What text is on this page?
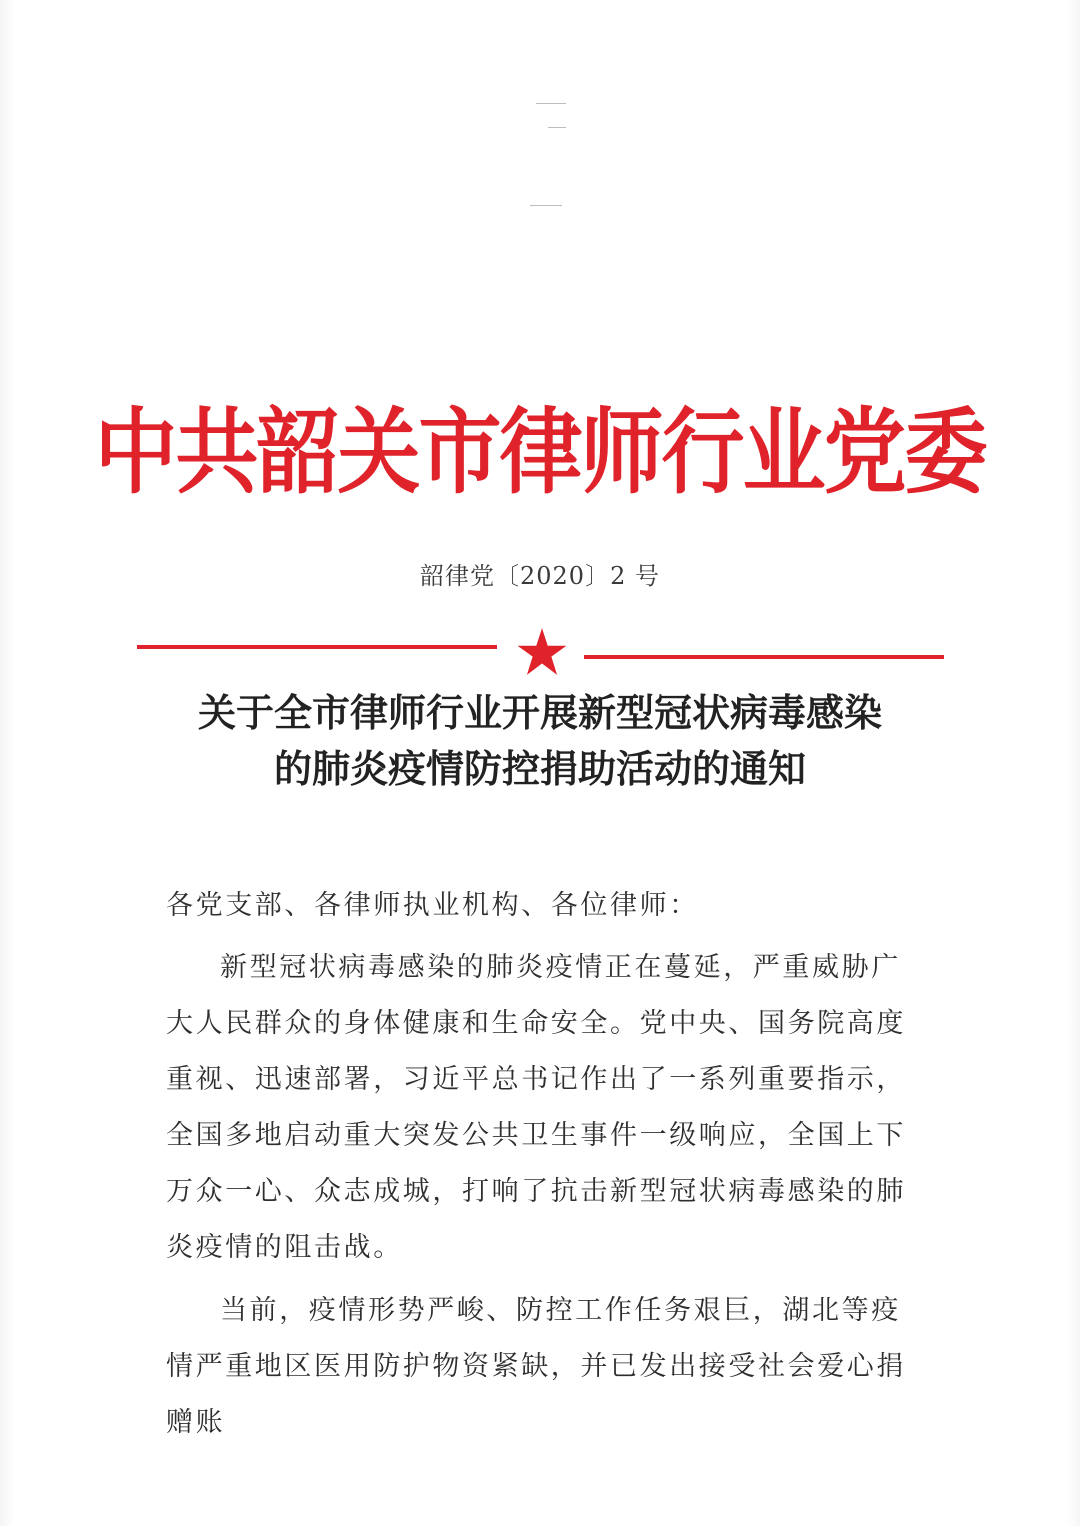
中共韶关市律师行业党委
韶律党〔2020〕2 号
关于全市律师行业开展新型冠状病毒感染
的肺炎疫情防控捐助活动的通知
各党支部、各律师执业机构、各位律师：

新型冠状病毒感染的肺炎疫情正在蔓延，严重威胁广大人民群众的身体健康和生命安全。党中央、国务院高度重视、迅速部署，习近平总书记作出了一系列重要指示，全国多地启动重大突发公共卫生事件一级响应，全国上下万众一心、众志成城，打响了抗击新型冠状病毒感染的肺炎疫情的阻击战。

当前，疫情形势严峻、防控工作任务艰巨，湖北等疫情严重地区医用防护物资紧缺，并已发出接受社会爱心捐赠账
